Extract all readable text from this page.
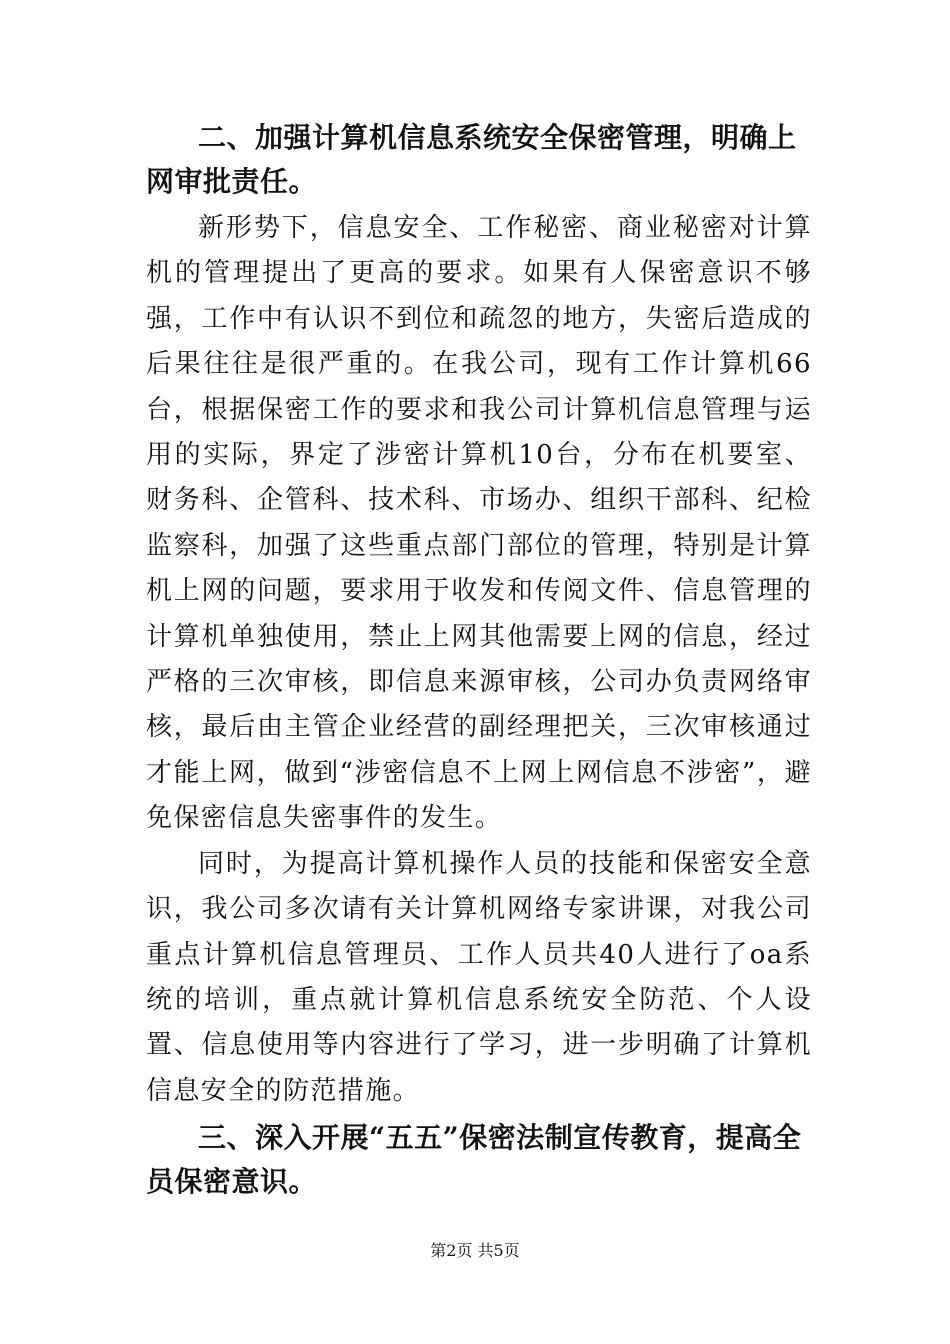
二、加强计算机信息系统安全保密管理，明确上网审批责任。

新形势下，信息安全、工作秘密、商业秘密对计算机的管理提出了更高的要求。如果有人保密意识不够强，工作中有认识不到位和疏忽的地方，失密后造成的后果往往是很严重的。在我公司，现有工作计算机66台，根据保密工作的要求和我公司计算机信息管理与运用的实际，界定了涉密计算机10台，分布在机要室、财务科、企管科、技术科、市场办、组织干部科、纪检监察科，加强了这些重点部门部位的管理，特别是计算机上网的问题，要求用于收发和传阅文件、信息管理的计算机单独使用，禁止上网其他需要上网的信息，经过严格的三次审核，即信息来源审核，公司办负责网络审核，最后由主管企业经营的副经理把关，三次审核通过才能上网，做到“涉密信息不上网上网信息不涉密”，避免保密信息失密事件的发生。

同时，为提高计算机操作人员的技能和保密安全意识，我公司多次请有关计算机网络专家讲课，对我公司重点计算机信息管理员、工作人员共40人进行了oa系统的培训，重点就计算机信息系统安全防范、个人设置、信息使用等内容进行了学习，进一步明确了计算机信息安全的防范措施。

三、深入开展“五五”保密法制宣传教育，提高全员保密意识。

第2页 共5页
